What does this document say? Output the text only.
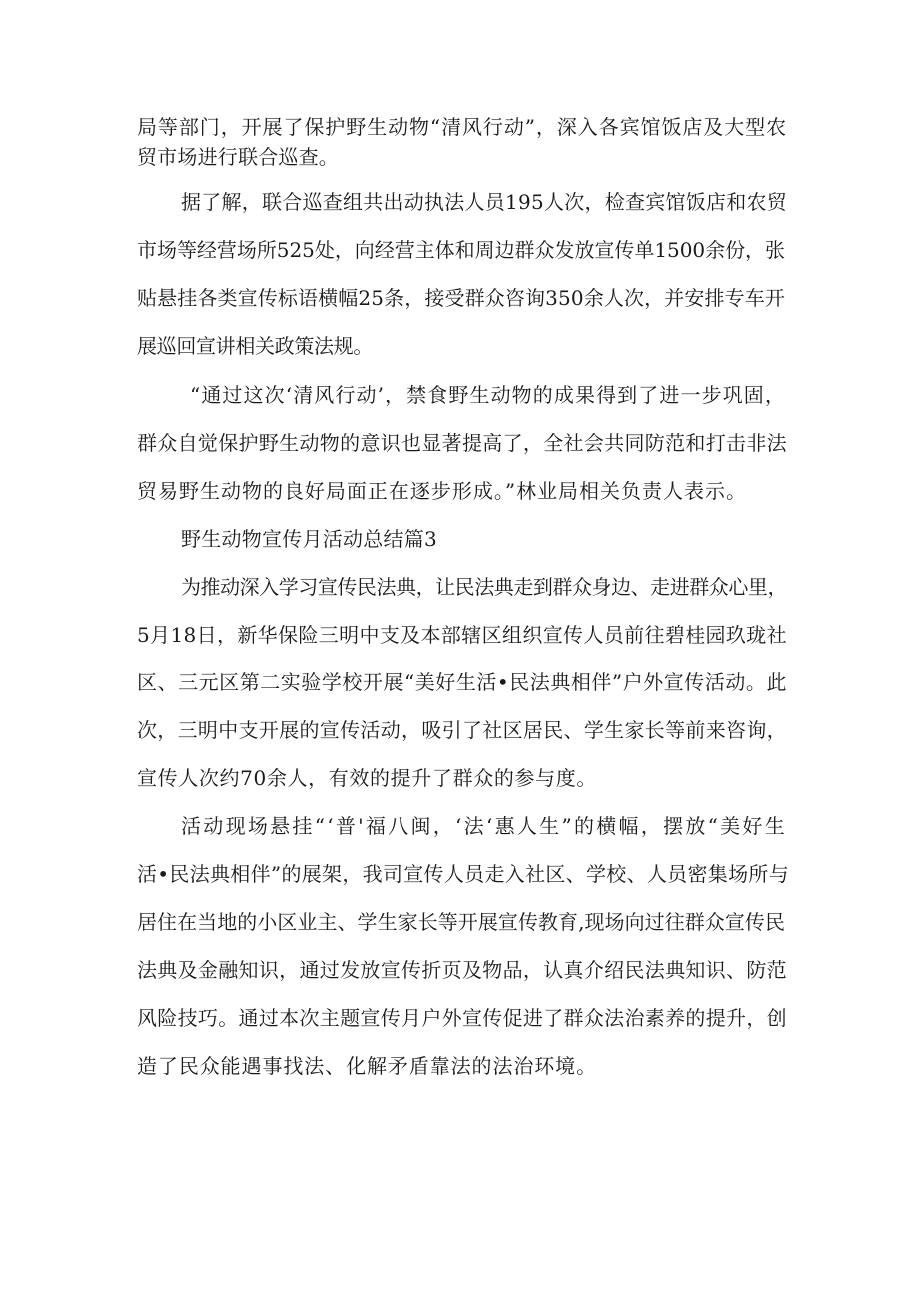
局等部门，开展了保护野生动物“清风行动”，深入各宾馆饭店及大型农
贸市场进行联合巡查。
据了解，联合巡查组共出动执法人员195人次，检查宾馆饭店和农贸
市场等经营场所525处，向经营主体和周边群众发放宣传单1500余份，张
贴悬挂各类宣传标语横幅25条，接受群众咨询350余人次，并安排专车开
展巡回宣讲相关政策法规。
“通过这次‘清风行动’，禁食野生动物的成果得到了进一步巩固，
群众自觉保护野生动物的意识也显著提高了，全社会共同防范和打击非法
贸易野生动物的良好局面正在逐步形成。”林业局相关负责人表示。
野生动物宣传月活动总结篇3
为推动深入学习宣传民法典，让民法典走到群众身边、走进群众心里，
5月18日，新华保险三明中支及本部辖区组织宣传人员前往碧桂园玖珑社
区、三元区第二实验学校开展“美好生活•民法典相伴”户外宣传活动。此
次，三明中支开展的宣传活动，吸引了社区居民、学生家长等前来咨询，
宣传人次约70余人，有效的提升了群众的参与度。
活动现场悬挂“‘普'福八闽，‘法‘惠人生”的横幅，摆放“美好生
活•民法典相伴”的展架，我司宣传人员走入社区、学校、人员密集场所与
居住在当地的小区业主、学生家长等开展宣传教育,现场向过往群众宣传民
法典及金融知识，通过发放宣传折页及物品，认真介绍民法典知识、防范
风险技巧。通过本次主题宣传月户外宣传促进了群众法治素养的提升，创
造了民众能遇事找法、化解矛盾靠法的法治环境。
